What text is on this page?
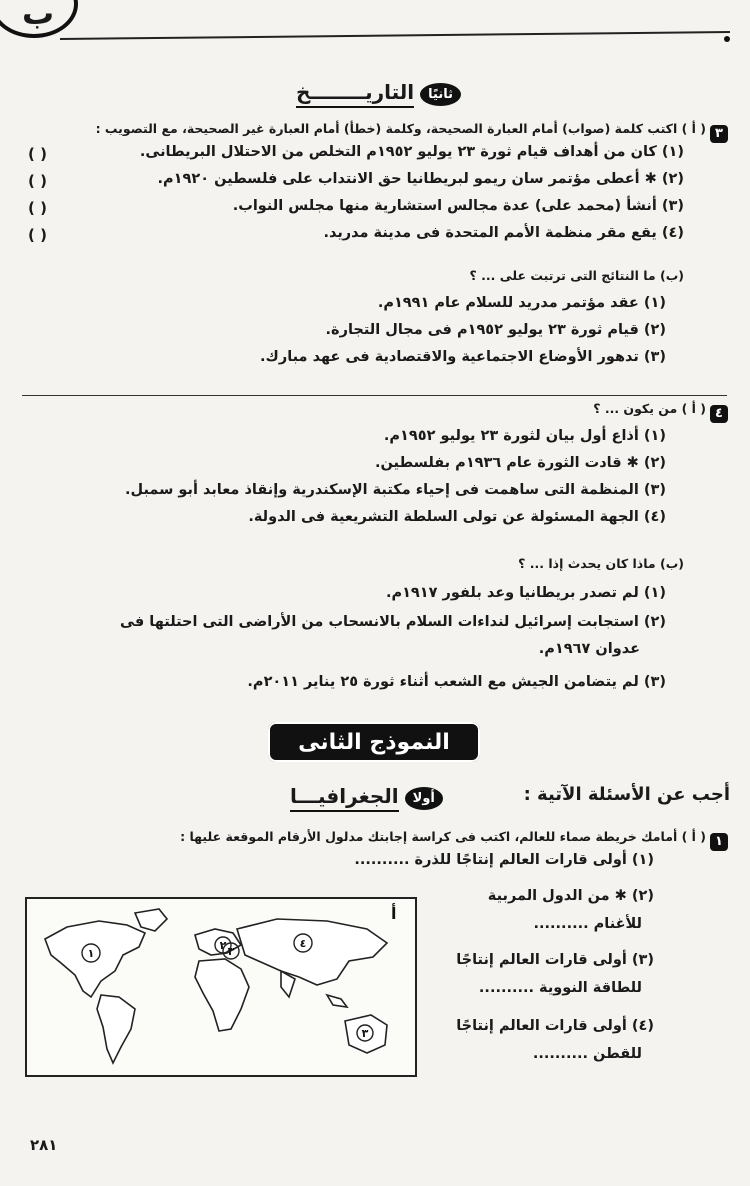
ب
ثانيًا
التاريــــــــخ
٣
( أ ) اكتب كلمة (صواب) أمام العبارة الصحيحة، وكلمة (خطأ) أمام العبارة غير الصحيحة، مع التصويب :
(١) كان من أهداف قيام ثورة ٢٣ يوليو ١٩٥٢م التخلص من الاحتلال البريطانى.
(٢) ✱ أعطى مؤتمر سان ريمو لبريطانيا حق الانتداب على فلسطين ١٩٢٠م.
(٣) أنشأ (محمد على) عدة مجالس استشارية منها مجلس النواب.
(٤) يقع مقر منظمة الأمم المتحدة فى مدينة مدريد.
( )
( )
( )
( )
(ب) ما النتائج التى ترتبت على ... ؟
(١) عقد مؤتمر مدريد للسلام عام ١٩٩١م.
(٢) قيام ثورة ٢٣ يوليو ١٩٥٢م فى مجال التجارة.
(٣) تدهور الأوضاع الاجتماعية والاقتصادية فى عهد مبارك.
٤
( أ ) من يكون ... ؟
(١) أذاع أول بيان لثورة ٢٣ يوليو ١٩٥٢م.
(٢) ✱ قادت الثورة عام ١٩٣٦م بفلسطين.
(٣) المنظمة التى ساهمت فى إحياء مكتبة الإسكندرية وإنقاذ معابد أبو سمبل.
(٤) الجهة المسئولة عن تولى السلطة التشريعية فى الدولة.
(ب) ماذا كان يحدث إذا ... ؟
(١) لم تصدر بريطانيا وعد بلفور ١٩١٧م.
(٢) استجابت إسرائيل لنداءات السلام بالانسحاب من الأراضى التى احتلتها فى
عدوان ١٩٦٧م.
(٣) لم يتضامن الجيش مع الشعب أثناء ثورة ٢٥ يناير ٢٠١١م.
النموذج الثانى
أجب عن الأسئلة الآتية :
أولا
الجغرافيـــا
١
( أ ) أمامك خريطة صماء للعالم، اكتب فى كراسة إجابتك مدلول الأرقام الموقعة عليها :
(١) أولى قارات العالم إنتاجًا للذرة ..........
(٢) ✱ من الدول المربية
للأغنام ..........
(٣) أولى قارات العالم إنتاجًا
للطاقة النووية ..........
(٤) أولى قارات العالم إنتاجًا
للقطن ..........
١
٢ ٣
٤
٣
أ
٢٨١
